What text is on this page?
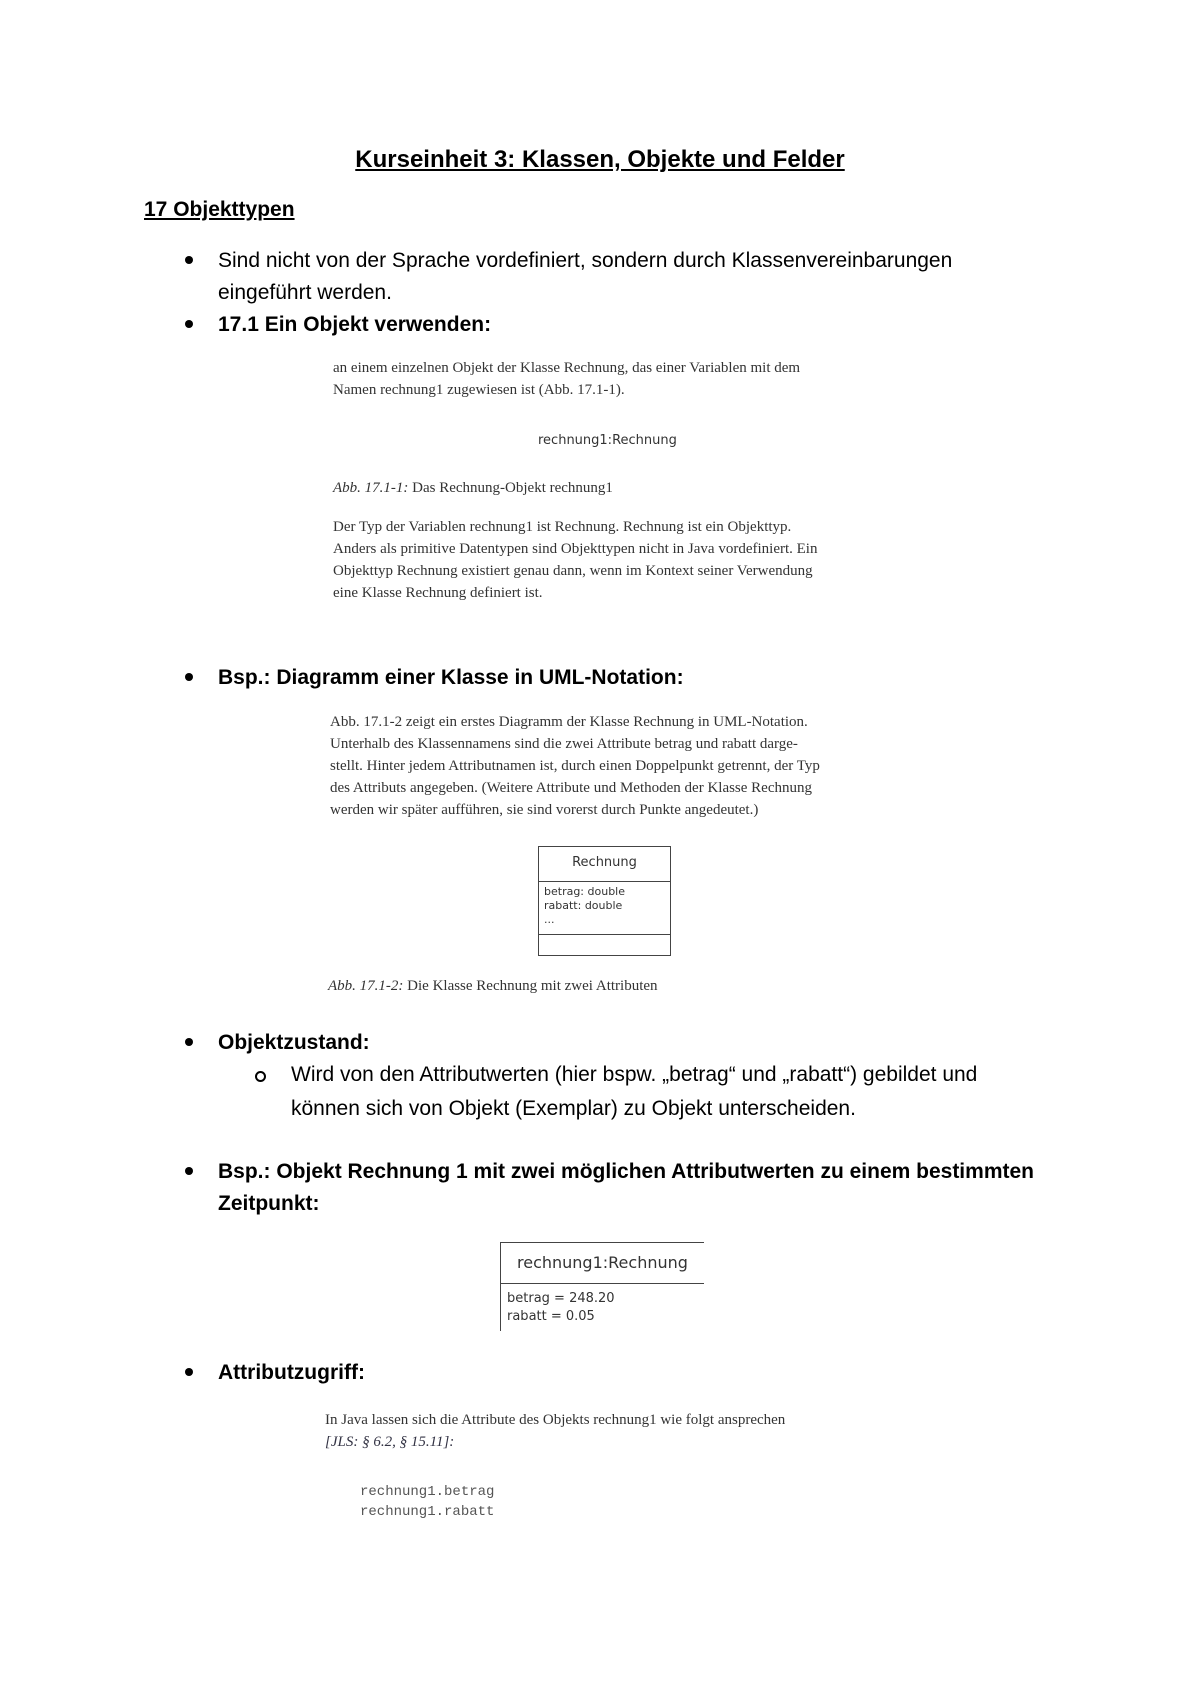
Kurseinheit 3: Klassen, Objekte und Felder
17 Objekttypen
Sind nicht von der Sprache vordefiniert, sondern durch Klassenvereinbarungen
eingeführt werden.
17.1 Ein Objekt verwenden:
an einem einzelnen Objekt der Klasse Rechnung, das einer Variablen mit dem
Namen rechnung1 zugewiesen ist (Abb. 17.1-1).
rechnung1:Rechnung
Abb. 17.1-1: Das Rechnung-Objekt rechnung1
Der Typ der Variablen rechnung1 ist Rechnung. Rechnung ist ein Objekttyp.
Anders als primitive Datentypen sind Objekttypen nicht in Java vordefiniert. Ein
Objekttyp Rechnung existiert genau dann, wenn im Kontext seiner Verwendung
eine Klasse Rechnung definiert ist.
Bsp.: Diagramm einer Klasse in UML-Notation:
Abb. 17.1-2 zeigt ein erstes Diagramm der Klasse Rechnung in UML-Notation.
Unterhalb des Klassennamens sind die zwei Attribute betrag und rabatt darge-
stellt. Hinter jedem Attributnamen ist, durch einen Doppelpunkt getrennt, der Typ
des Attributs angegeben. (Weitere Attribute und Methoden der Klasse Rechnung
werden wir später aufführen, sie sind vorerst durch Punkte angedeutet.)
Rechnung
betrag: double
rabatt: double
...
Abb. 17.1-2: Die Klasse Rechnung mit zwei Attributen
Objektzustand:
Wird von den Attributwerten (hier bspw. „betrag“ und „rabatt“) gebildet und
können sich von Objekt (Exemplar) zu Objekt unterscheiden.
Bsp.: Objekt Rechnung 1 mit zwei möglichen Attributwerten zu einem bestimmten
Zeitpunkt:
rechnung1:Rechnung
betrag = 248.20
rabatt = 0.05
Attributzugriff:
In Java lassen sich die Attribute des Objekts rechnung1 wie folgt ansprechen
[JLS: § 6.2, § 15.11]:
rechnung1.betrag
rechnung1.rabatt
